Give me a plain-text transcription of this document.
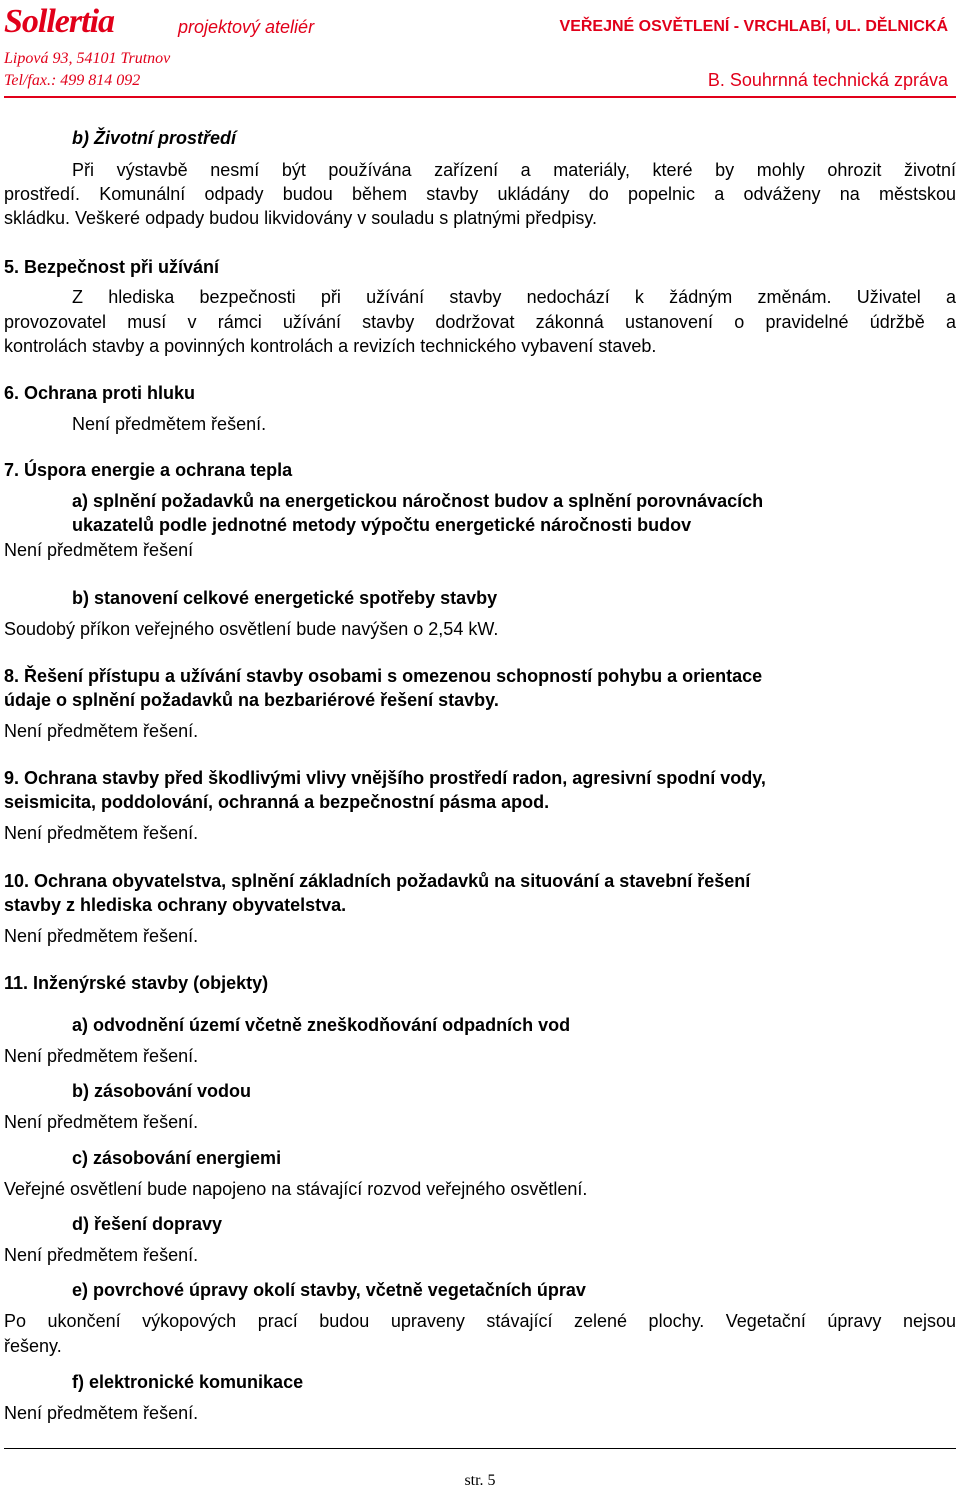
Sollertia	projektový ateliér	VEŘEJNÉ OSVĚTLENÍ - VRCHLABÍ, UL. DĚLNICKÁ
Lipová 93, 54101 Trutnov
Tel/fax.: 499 814 092	B. Souhrnná technická zpráva
b) Životní prostředí
Při výstavbě nesmí být používána zařízení a materiály, které by mohly ohrozit životní
prostředí. Komunální odpady budou během stavby ukládány do popelnic a odváženy na městskou
skládku. Veškeré odpady budou likvidovány v souladu s platnými předpisy.
5. Bezpečnost při užívání
Z hlediska bezpečnosti při užívání stavby nedochází k žádným změnám. Uživatel a
provozovatel musí v rámci užívání stavby dodržovat zákonná ustanovení o pravidelné údržbě a
kontrolách stavby a povinných kontrolách a revizích technického vybavení staveb.
6. Ochrana proti hluku
Není předmětem řešení.
7. Úspora energie a ochrana tepla
a) splnění požadavků na energetickou náročnost budov a splnění porovnávacích
ukazatelů podle jednotné metody výpočtu energetické náročnosti budov
Není předmětem řešení
b) stanovení celkové energetické spotřeby stavby
Soudobý příkon veřejného osvětlení bude navýšen o 2,54 kW.
8. Řešení přístupu a užívání stavby osobami s omezenou schopností pohybu a orientace
údaje o splnění požadavků na bezbariérové řešení stavby.
Není předmětem řešení.
9. Ochrana stavby před škodlivými vlivy vnějšího prostředí radon, agresivní spodní vody,
seismicita, poddolování, ochranná a bezpečnostní pásma apod.
Není předmětem řešení.
10. Ochrana obyvatelstva, splnění základních požadavků na situování a stavební řešení
stavby z hlediska ochrany obyvatelstva.
Není předmětem řešení.
11. Inženýrské stavby (objekty)
a) odvodnění území včetně zneškodňování odpadních vod
Není předmětem řešení.
b) zásobování vodou
Není předmětem řešení.
c) zásobování energiemi
Veřejné osvětlení bude napojeno na stávající rozvod veřejného osvětlení.
d) řešení dopravy
Není předmětem řešení.
e) povrchové úpravy okolí stavby, včetně vegetačních úprav
Po ukončení výkopových prací budou upraveny stávající zelené plochy. Vegetační úpravy nejsou
řešeny.
f) elektronické komunikace
Není předmětem řešení.
str. 5
